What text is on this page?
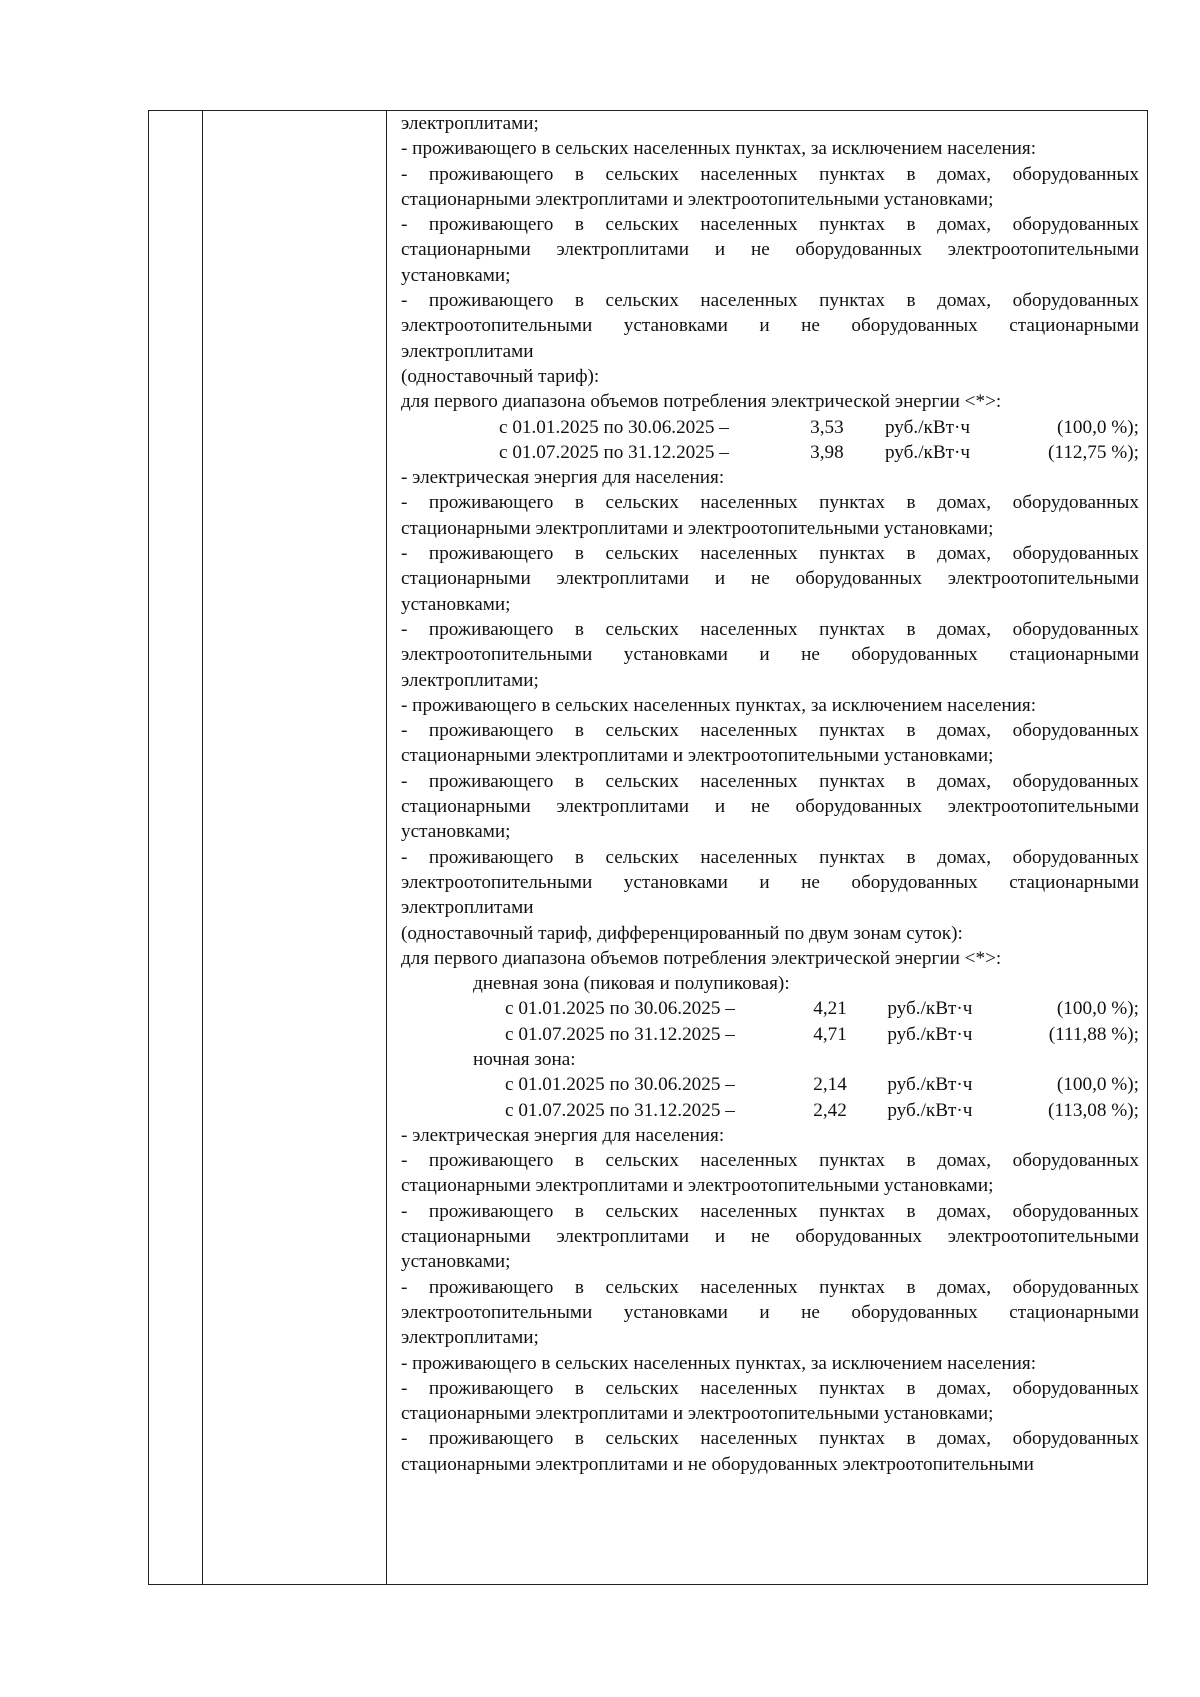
электроплитами;
- проживающего в сельских населенных пунктах, за исключением населения:
- проживающего в сельских населенных пунктах в домах, оборудованных стационарными электроплитами и электроотопительными установками;
- проживающего в сельских населенных пунктах в домах, оборудованных стационарными электроплитами и не оборудованных электроотопительными установками;
- проживающего в сельских населенных пунктах в домах, оборудованных электроотопительными установками и не оборудованных стационарными электроплитами
(одноставочный тариф):
для первого диапазона объемов потребления электрической энергии <*>:
с 01.01.2025 по 30.06.2025 –	3,53	руб./кВт·ч	(100,0 %);
с 01.07.2025 по 31.12.2025 –	3,98	руб./кВт·ч	(112,75 %);
- электрическая энергия для населения:
- проживающего в сельских населенных пунктах в домах, оборудованных стационарными электроплитами и электроотопительными установками;
- проживающего в сельских населенных пунктах в домах, оборудованных стационарными электроплитами и не оборудованных электроотопительными установками;
- проживающего в сельских населенных пунктах в домах, оборудованных электроотопительными установками и не оборудованных стационарными электроплитами;
- проживающего в сельских населенных пунктах, за исключением населения:
- проживающего в сельских населенных пунктах в домах, оборудованных стационарными электроплитами и электроотопительными установками;
- проживающего в сельских населенных пунктах в домах, оборудованных стационарными электроплитами и не оборудованных электроотопительными установками;
- проживающего в сельских населенных пунктах в домах, оборудованных электроотопительными установками и не оборудованных стационарными электроплитами
(одноставочный тариф, дифференцированный по двум зонам суток):
для первого диапазона объемов потребления электрической энергии <*>:
дневная зона (пиковая и полупиковая):
с 01.01.2025 по 30.06.2025 –	4,21	руб./кВт·ч	(100,0 %);
с 01.07.2025 по 31.12.2025 –	4,71	руб./кВт·ч	(111,88 %);
ночная зона:
с 01.01.2025 по 30.06.2025 –	2,14	руб./кВт·ч	(100,0 %);
с 01.07.2025 по 31.12.2025 –	2,42	руб./кВт·ч	(113,08 %);
- электрическая энергия для населения:
- проживающего в сельских населенных пунктах в домах, оборудованных стационарными электроплитами и электроотопительными установками;
- проживающего в сельских населенных пунктах в домах, оборудованных стационарными электроплитами и не оборудованных электроотопительными установками;
- проживающего в сельских населенных пунктах в домах, оборудованных электроотопительными установками и не оборудованных стационарными электроплитами;
- проживающего в сельских населенных пунктах, за исключением населения:
- проживающего в сельских населенных пунктах в домах, оборудованных стационарными электроплитами и электроотопительными установками;
- проживающего в сельских населенных пунктах в домах, оборудованных стационарными электроплитами и не оборудованных электроотопительными
